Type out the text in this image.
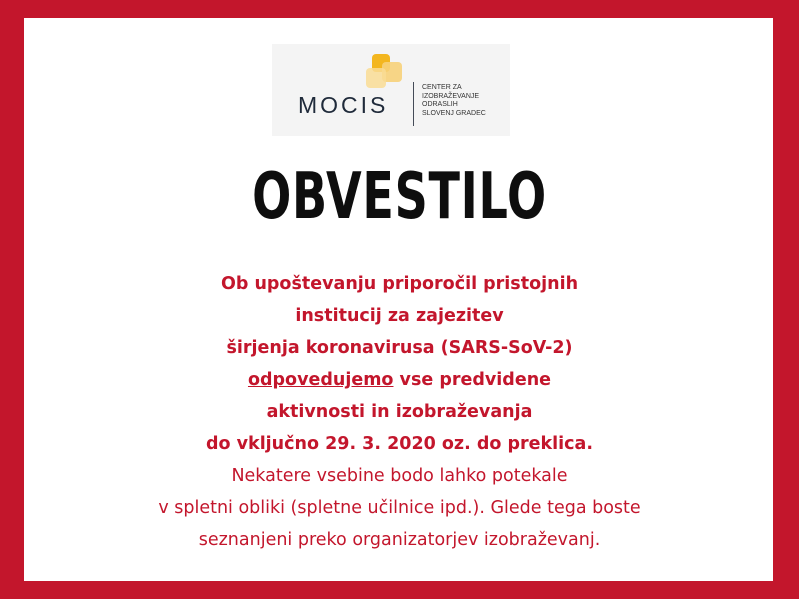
MOCIS
CENTER ZA
IZOBRAŽEVANJE
ODRASLIH
SLOVENJ GRADEC
OBVESTILO
Ob upoštevanju priporočil pristojnih
institucij za zajezitev
širjenja koronavirusa (SARS-SoV-2)
odpovedujemo vse predvidene
aktivnosti in izobraževanja
do vključno 29. 3. 2020 oz. do preklica.
Nekatere vsebine bodo lahko potekale
v spletni obliki (spletne učilnice ipd.). Glede tega boste
seznanjeni preko organizatorjev izobraževanj.
